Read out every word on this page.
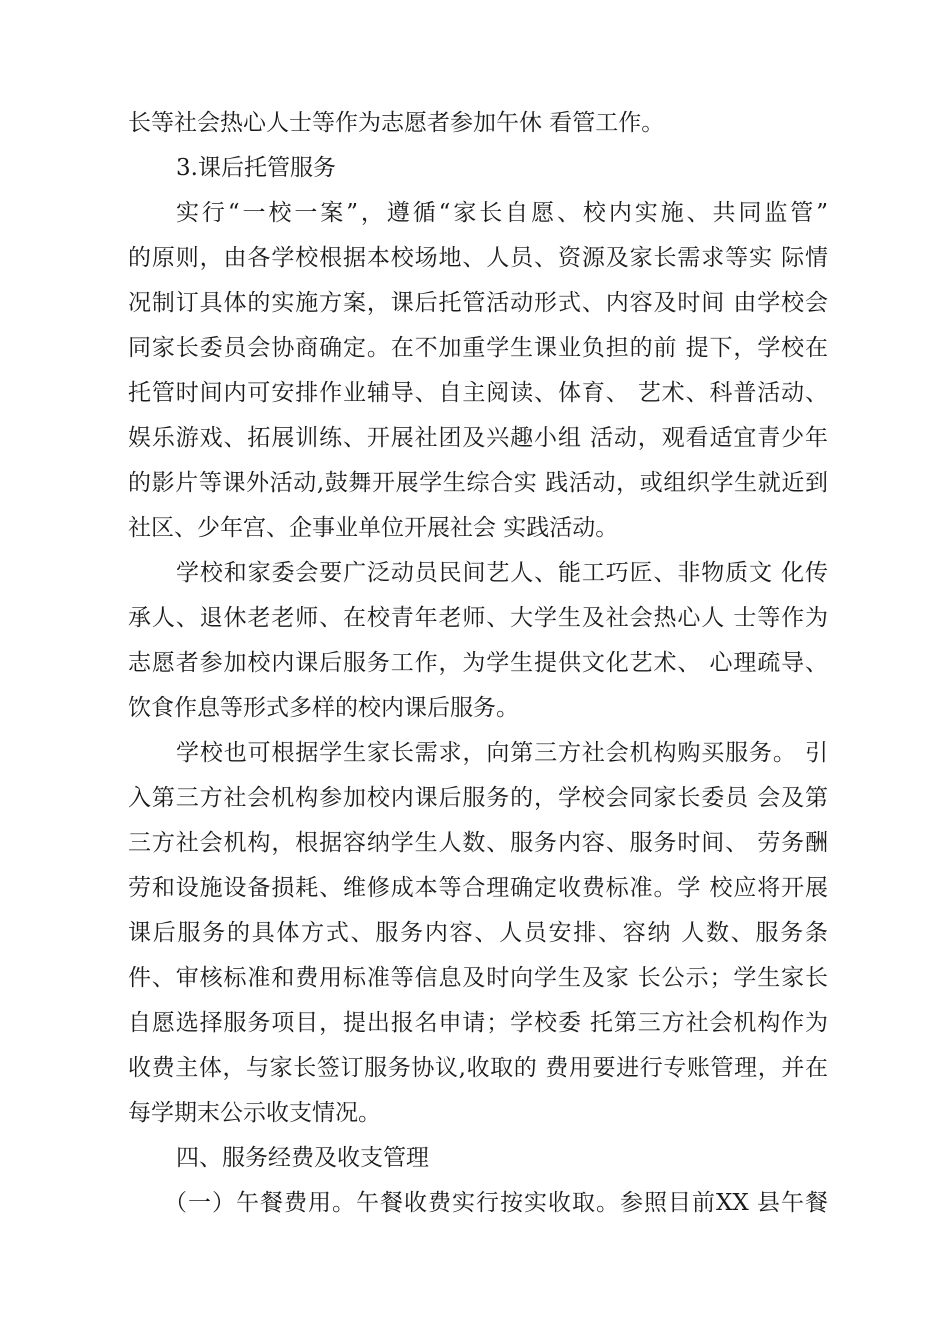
长等社会热心人士等作为志愿者参加午休 看管工作。
3.课后托管服务
实行“一校一案”，遵循“家长自愿、校内实施、共同监管”
的原则，由各学校根据本校场地、人员、资源及家长需求等实 际情
况制订具体的实施方案，课后托管活动形式、内容及时间 由学校会
同家长委员会协商确定。在不加重学生课业负担的前 提下，学校在
托管时间内可安排作业辅导、自主阅读、体育、 艺术、科普活动、
娱乐游戏、拓展训练、开展社团及兴趣小组 活动，观看适宜青少年
的影片等课外活动,鼓舞开展学生综合实 践活动，或组织学生就近到
社区、少年宫、企事业单位开展社会 实践活动。
学校和家委会要广泛动员民间艺人、能工巧匠、非物质文 化传
承人、退休老老师、在校青年老师、大学生及社会热心人 士等作为
志愿者参加校内课后服务工作，为学生提供文化艺术、 心理疏导、
饮食作息等形式多样的校内课后服务。
学校也可根据学生家长需求，向第三方社会机构购买服务。 引
入第三方社会机构参加校内课后服务的，学校会同家长委员 会及第
三方社会机构，根据容纳学生人数、服务内容、服务时间、 劳务酬
劳和设施设备损耗、维修成本等合理确定收费标准。学 校应将开展
课后服务的具体方式、服务内容、人员安排、容纳 人数、服务条
件、审核标准和费用标准等信息及时向学生及家 长公示；学生家长
自愿选择服务项目，提出报名申请；学校委 托第三方社会机构作为
收费主体，与家长签订服务协议,收取的 费用要进行专账管理，并在
每学期末公示收支情况。
四、服务经费及收支管理
（一）午餐费用。午餐收费实行按实收取。参照目前XX 县午餐
